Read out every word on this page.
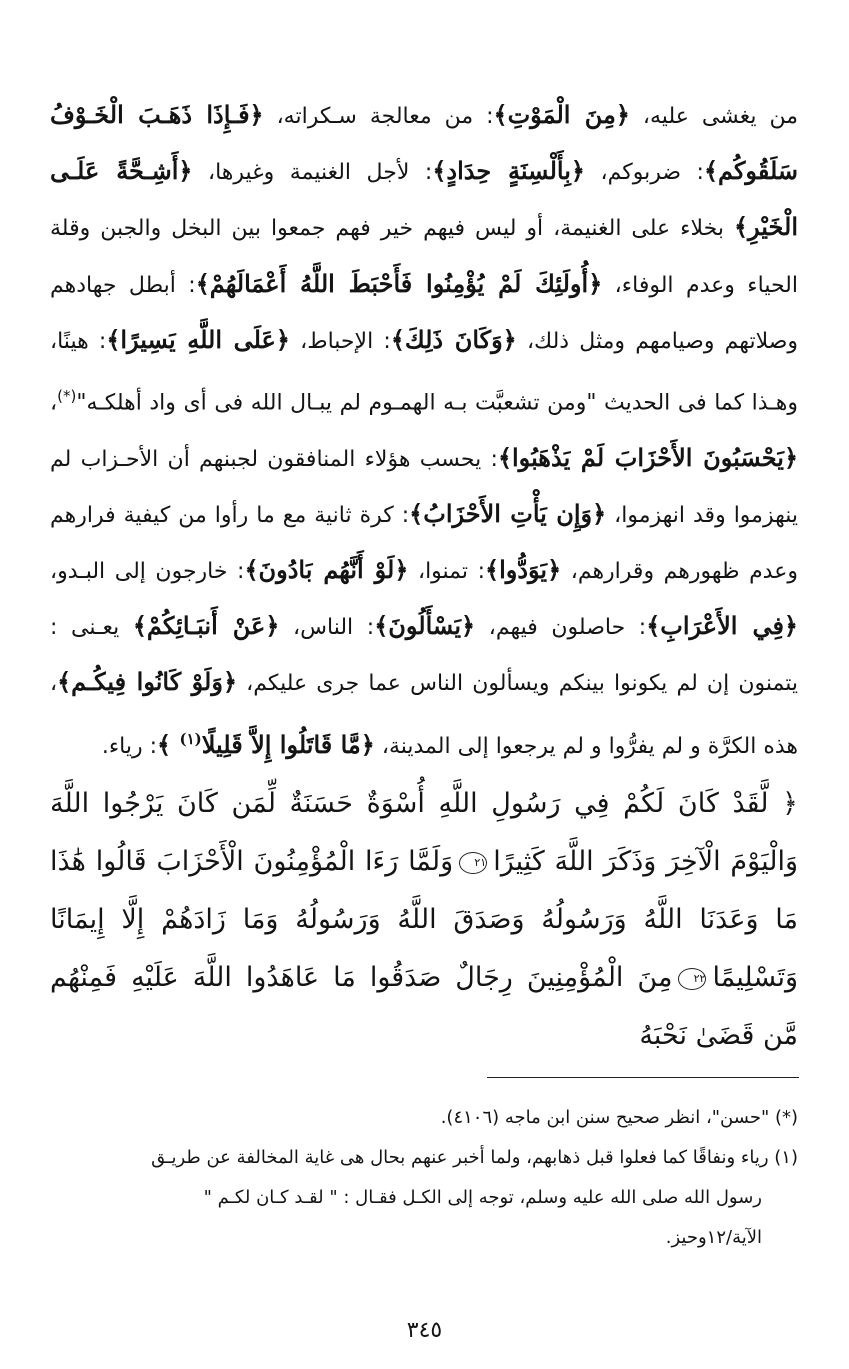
من يغشى عليه، ﴿مِنَ الْمَوْتِ﴾: من معالجة سـكراته، ﴿فَـإِذَا ذَهَـبَ الْخَـوْفُ سَلَقُوكُم﴾: ضربوكم، ﴿بِأَلْسِنَةٍ حِدَادٍ﴾: لأجل الغنيمة وغيرها، ﴿أَشِـحَّةً عَلَـى الْخَيْرِ﴾ بخلاء على الغنيمة، أو ليس فيهم خير فهم جمعوا بين البخل والجبن وقلة الحياء وعدم الوفاء، ﴿أُولَئِكَ لَمْ يُؤْمِنُوا فَأَحْبَطَ اللَّهُ أَعْمَالَهُمْ﴾: أبطل جهادهم وصلاتهم وصيامهم ومثل ذلك، ﴿وَكَانَ ذَلِكَ﴾: الإحباط، ﴿عَلَى اللَّهِ يَسِيرًا﴾: هينًا، وهـذا كما فى الحديث "ومن تشعبَّت بـه الهمـوم لم يبـال الله فى أى واد أهلكـه"(*)، ﴿يَحْسَبُونَ الأَحْزَابَ لَمْ يَذْهَبُوا﴾: يحسب هؤلاء المنافقون لجبنهم أن الأحـزاب لم ينهزموا وقد انهزموا، ﴿وَإِن يَأْتِ الأَحْزَابُ﴾: كرة ثانية مع ما رأوا من كيفية فرارهم وعدم ظهورهم وقرارهم، ﴿يَوَدُّوا﴾: تمنوا، ﴿لَوْ أَنَّهُم بَادُونَ﴾: خارجون إلى البـدو، ﴿فِي الأَعْرَابِ﴾: حاصلون فيهم، ﴿يَسْأَلُونَ﴾: الناس، ﴿عَنْ أَنبَـائِكُمْ﴾ يعـنى : يتمنون إن لم يكونوا بينكم ويسألون الناس عما جرى عليكم، ﴿وَلَوْ كَانُوا فِيكُـم﴾، هذه الكرَّة و لم يفرُّوا و لم يرجعوا إلى المدينة، ﴿مَّا قَاتَلُوا إِلاَّ قَلِيلًا$^{(١)}$ ﴾: رياء.

﴿ لَّقَدْ كَانَ لَكُمْ فِي رَسُولِ اللَّهِ أُسْوَةٌ حَسَنَةٌ لِّمَن كَانَ يَرْجُوا اللَّهَ وَالْيَوْمَ الْآخِرَ وَذَكَرَ اللَّهَ كَثِيرًا٢١وَلَمَّا رَءَا الْمُؤْمِنُونَ الْأَحْزَابَ قَالُوا هَٰذَا مَا وَعَدَنَا اللَّهُ وَرَسُولُهُ وَصَدَقَ اللَّهُ وَرَسُولُهُ وَمَا زَادَهُمْ إِلَّا إِيمَانًا وَتَسْلِيمًا٢٢مِنَ الْمُؤْمِنِينَ رِجَالٌ صَدَقُوا مَا عَاهَدُوا اللَّهَ عَلَيْهِ فَمِنْهُم مَّن قَضَىٰ نَحْبَهُ
(*) "حسن"، انظر صحيح سنن ابن ماجه (٤١٠٦).
(١) رياء ونفاقًا كما فعلوا قبل ذهابهم، ولما أخبر عنهم بحال هى غاية المخالفة عن طريـق
رسول الله صلى الله عليه وسلم، توجه إلى الكـل فقـال : " لقـد كـان لكـم "
الآية/١٢وحيز.
٣٤٥
